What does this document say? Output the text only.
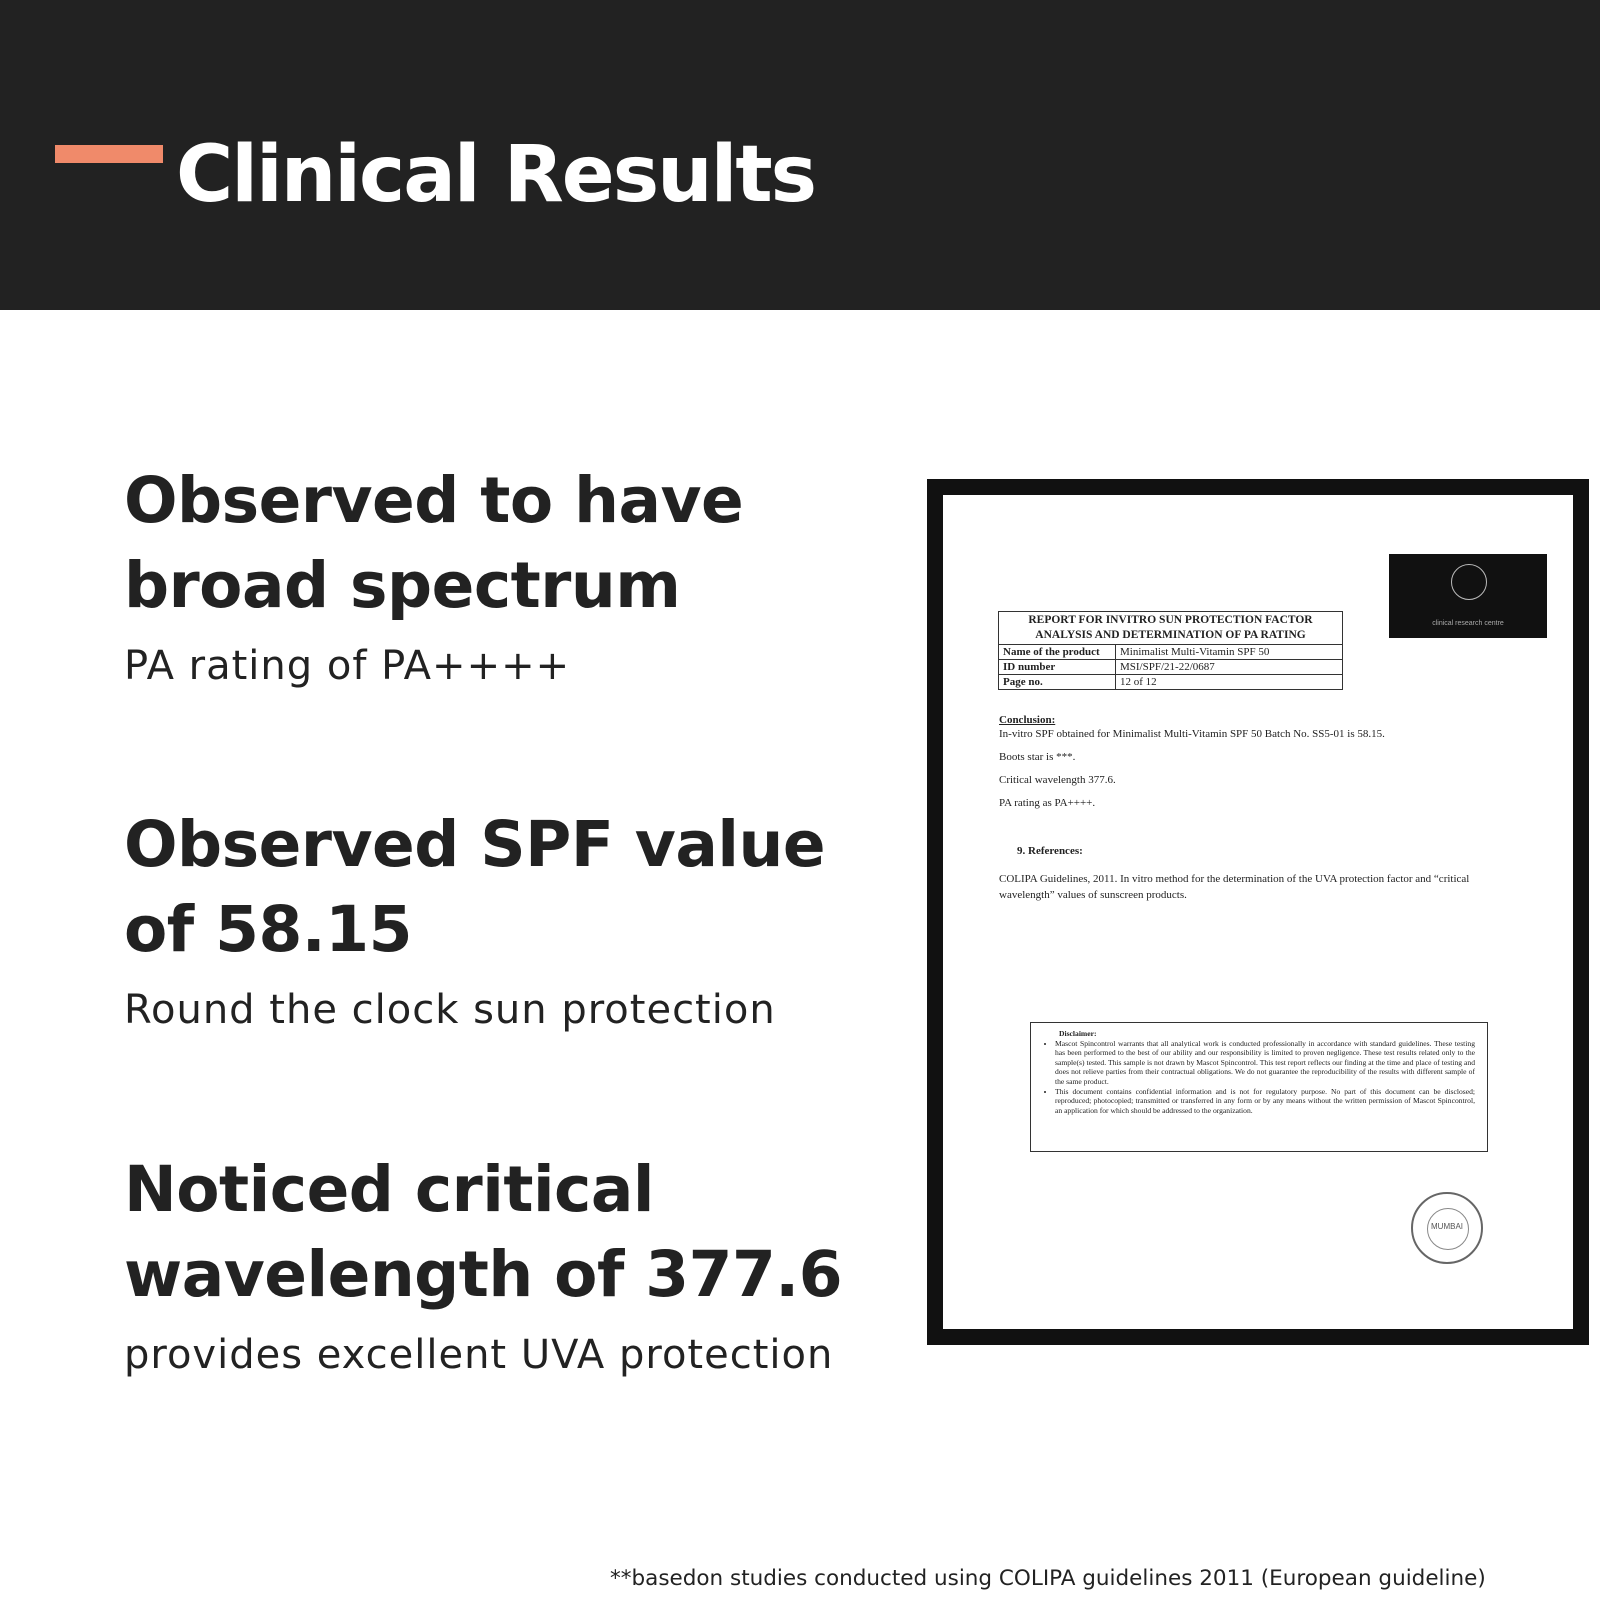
Clinical Results
Observed to have broad spectrum
PA rating of PA++++
Observed SPF value of 58.15
Round the clock sun protection
Noticed critical wavelength of 377.6
provides excellent UVA protection
clinical research centre
REPORT FOR INVITRO SUN PROTECTION FACTOR
ANALYSIS AND DETERMINATION OF PA RATING	

Name of the product	Minimalist Multi-Vitamin SPF 50
ID number	MSI/SPF/21-22/0687
Page no.	12 of 12
Conclusion:

In-vitro SPF obtained for Minimalist Multi-Vitamin SPF 50 Batch No. SS5-01 is 58.15.

Boots star is ***.

Critical wavelength 377.6.

PA rating as PA++++.

9. References:

COLIPA Guidelines, 2011. In vitro method for the determination of the UVA protection factor and “critical wavelength” values of sunscreen products.

Disclaimer:
• Mascot Spincontrol warrants that all analytical work is conducted professionally in accordance with standard guidelines. These testing has been performed to the best of our ability and our responsibility is limited to proven negligence. These test results related only to the sample(s) tested. This sample is not drawn by Mascot Spincontrol. This test report reflects our finding at the time and place of testing and does not relieve parties from their contractual obligations. We do not guarantee the reproducibility of the results with different sample of the same product.
• This document contains confidential information and is not for regulatory purpose. No part of this document can be disclosed; reproduced; photocopied; transmitted or transferred in any form or by any means without the written permission of Mascot Spincontrol, an application for which should be addressed to the organization.
MUMBAI
**basedon studies conducted using COLIPA guidelines 2011 (European guideline)
